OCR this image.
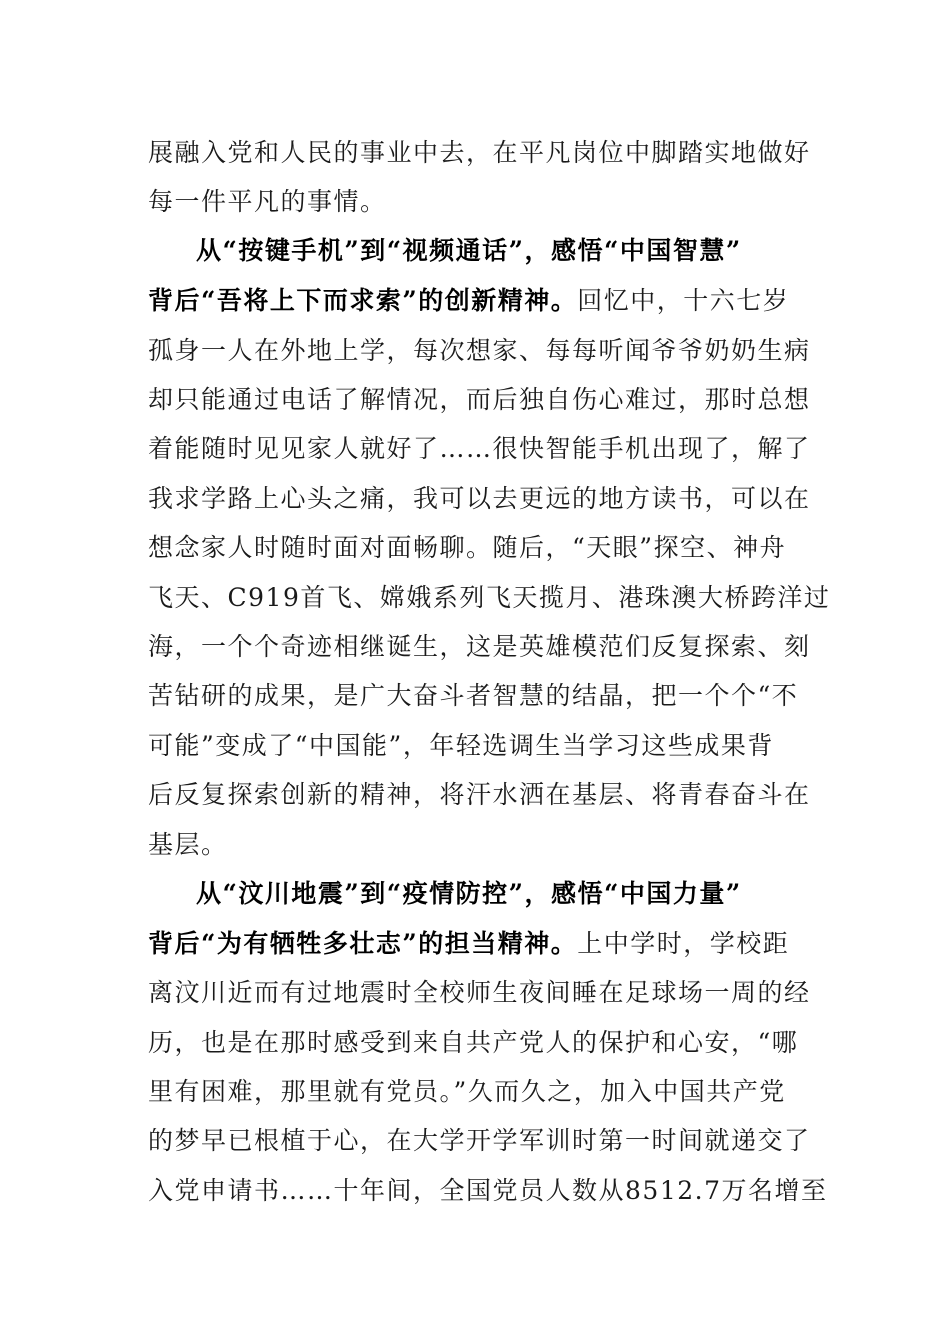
展融入党和人民的事业中去，在平凡岗位中脚踏实地做好
每一件平凡的事情。
从“按键手机”到“视频通话”，感悟“中国智慧”
背后“吾将上下而求索”的创新精神。回忆中，十六七岁
孤身一人在外地上学，每次想家、每每听闻爷爷奶奶生病
却只能通过电话了解情况，而后独自伤心难过，那时总想
着能随时见见家人就好了……很快智能手机出现了，解了
我求学路上心头之痛，我可以去更远的地方读书，可以在
想念家人时随时面对面畅聊。随后，“天眼”探空、神舟
飞天、C919首飞、嫦娥系列飞天揽月、港珠澳大桥跨洋过
海，一个个奇迹相继诞生，这是英雄模范们反复探索、刻
苦钻研的成果，是广大奋斗者智慧的结晶，把一个个“不
可能”变成了“中国能”，年轻选调生当学习这些成果背
后反复探索创新的精神，将汗水洒在基层、将青春奋斗在
基层。
从“汶川地震”到“疫情防控”，感悟“中国力量”
背后“为有牺牲多壮志”的担当精神。上中学时，学校距
离汶川近而有过地震时全校师生夜间睡在足球场一周的经
历，也是在那时感受到来自共产党人的保护和心安，“哪
里有困难，那里就有党员。”久而久之，加入中国共产党
的梦早已根植于心，在大学开学军训时第一时间就递交了
入党申请书……十年间，全国党员人数从8512.7万名增至
